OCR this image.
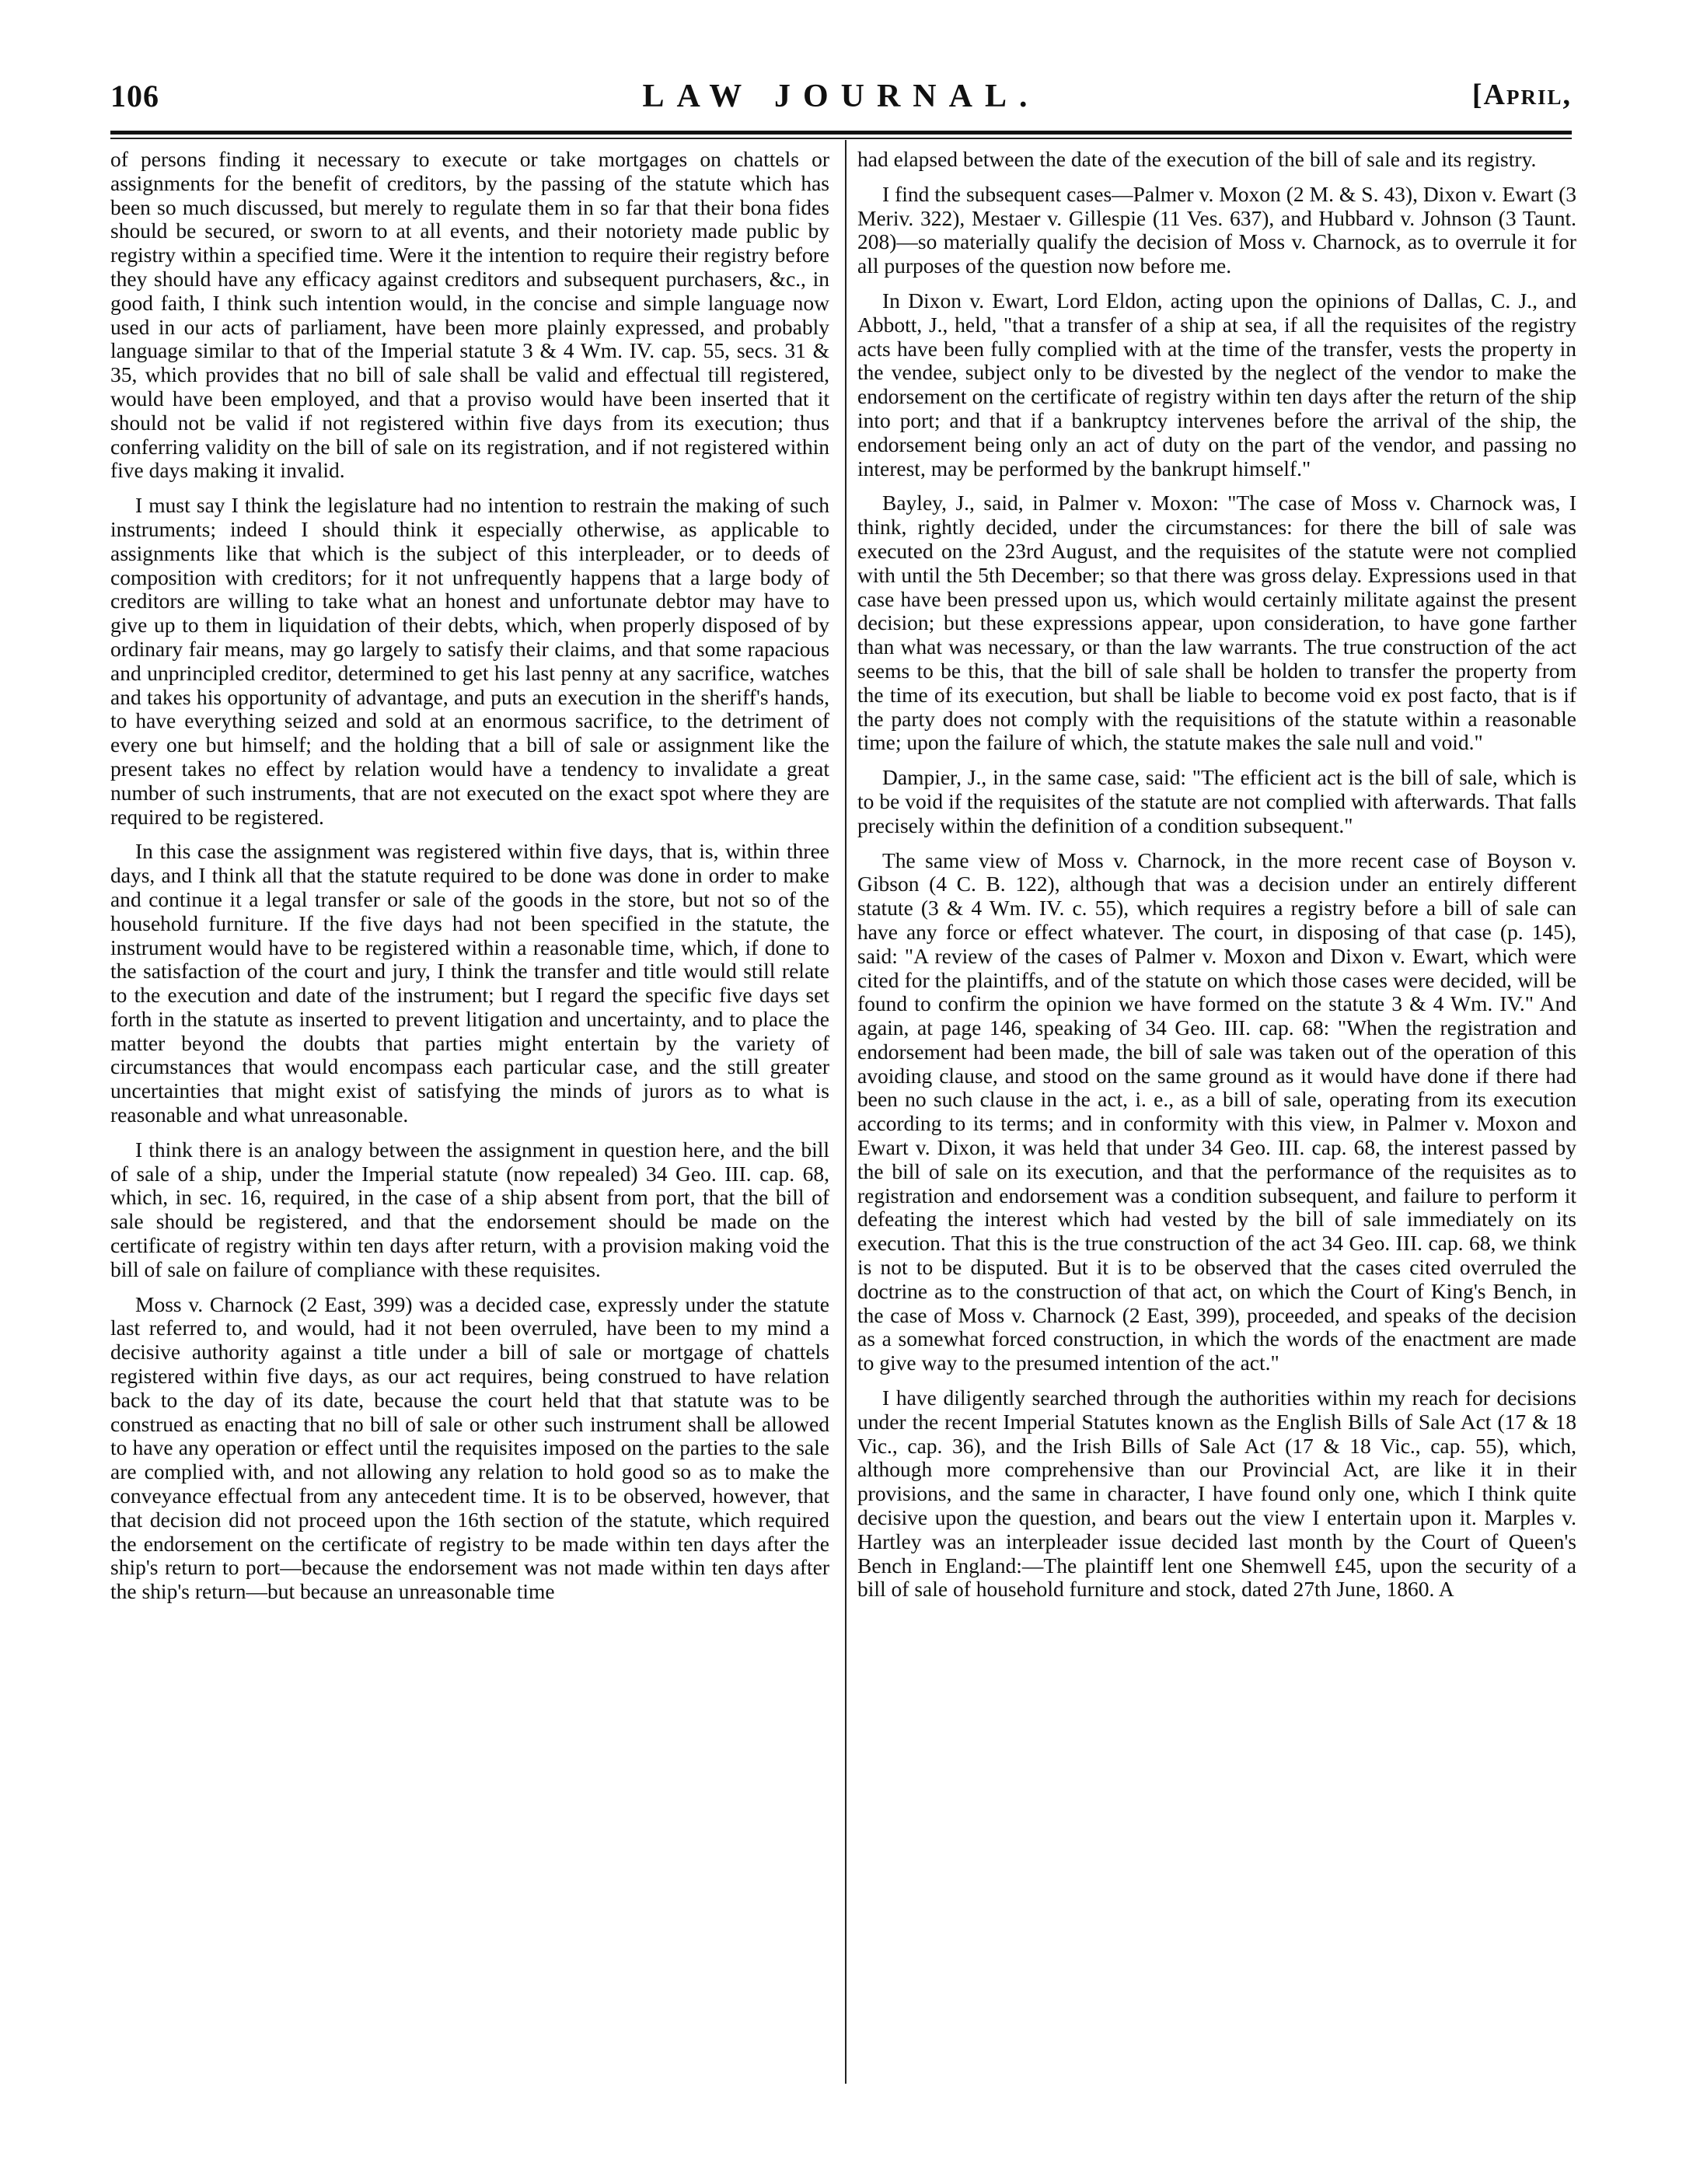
106	LAW JOURNAL.	[April,

of persons finding it necessary to execute or take mortgages on chattels or assignments for the benefit of creditors, by the passing of the statute which has been so much discussed, but merely to regulate them in so far that their bona fides should be secured, or sworn to at all events, and their notoriety made public by registry within a specified time. Were it the intention to require their registry before they should have any efficacy against creditors and subsequent purchasers, &c., in good faith, I think such intention would, in the concise and simple language now used in our acts of parliament, have been more plainly expressed, and probably language similar to that of the Imperial statute 3 & 4 Wm. IV. cap. 55, secs. 31 & 35, which provides that no bill of sale shall be valid and effectual till registered, would have been employed, and that a proviso would have been inserted that it should not be valid if not registered within five days from its execution; thus conferring validity on the bill of sale on its registration, and if not registered within five days making it invalid.

I must say I think the legislature had no intention to restrain the making of such instruments; indeed I should think it especially otherwise, as applicable to assignments like that which is the subject of this interpleader, or to deeds of composition with creditors; for it not unfrequently happens that a large body of creditors are willing to take what an honest and unfortunate debtor may have to give up to them in liquidation of their debts, which, when properly disposed of by ordinary fair means, may go largely to satisfy their claims, and that some rapacious and unprincipled creditor, determined to get his last penny at any sacrifice, watches and takes his opportunity of advantage, and puts an execution in the sheriff's hands, to have everything seized and sold at an enormous sacrifice, to the detriment of every one but himself; and the holding that a bill of sale or assignment like the present takes no effect by relation would have a tendency to invalidate a great number of such instruments, that are not executed on the exact spot where they are required to be registered.

In this case the assignment was registered within five days, that is, within three days, and I think all that the statute required to be done was done in order to make and continue it a legal transfer or sale of the goods in the store, but not so of the household furniture. If the five days had not been specified in the statute, the instrument would have to be registered within a reasonable time, which, if done to the satisfaction of the court and jury, I think the transfer and title would still relate to the execution and date of the instrument; but I regard the specific five days set forth in the statute as inserted to prevent litigation and uncertainty, and to place the matter beyond the doubts that parties might entertain by the variety of circumstances that would encompass each particular case, and the still greater uncertainties that might exist of satisfying the minds of jurors as to what is reasonable and what unreasonable.

I think there is an analogy between the assignment in question here, and the bill of sale of a ship, under the Imperial statute (now repealed) 34 Geo. III. cap. 68, which, in sec. 16, required, in the case of a ship absent from port, that the bill of sale should be registered, and that the endorsement should be made on the certificate of registry within ten days after return, with a provision making void the bill of sale on failure of compliance with these requisites.

Moss v. Charnock (2 East, 399) was a decided case, expressly under the statute last referred to, and would, had it not been overruled, have been to my mind a decisive authority against a title under a bill of sale or mortgage of chattels registered within five days, as our act requires, being construed to have relation back to the day of its date, because the court held that that statute was to be construed as enacting that no bill of sale or other such instrument shall be allowed to have any operation or effect until the requisites imposed on the parties to the sale are complied with, and not allowing any relation to hold good so as to make the conveyance effectual from any antecedent time. It is to be observed, however, that that decision did not proceed upon the 16th section of the statute, which required the endorsement on the certificate of registry to be made within ten days after the ship's return to port—because the endorsement was not made within ten days after the ship's return—but because an unreasonable time

had elapsed between the date of the execution of the bill of sale and its registry.

I find the subsequent cases—Palmer v. Moxon (2 M. & S. 43), Dixon v. Ewart (3 Meriv. 322), Mestaer v. Gillespie (11 Ves. 637), and Hubbard v. Johnson (3 Taunt. 208)—so materially qualify the decision of Moss v. Charnock, as to overrule it for all purposes of the question now before me.

In Dixon v. Ewart, Lord Eldon, acting upon the opinions of Dallas, C. J., and Abbott, J., held, "that a transfer of a ship at sea, if all the requisites of the registry acts have been fully complied with at the time of the transfer, vests the property in the vendee, subject only to be divested by the neglect of the vendor to make the endorsement on the certificate of registry within ten days after the return of the ship into port; and that if a bankruptcy intervenes before the arrival of the ship, the endorsement being only an act of duty on the part of the vendor, and passing no interest, may be performed by the bankrupt himself."

Bayley, J., said, in Palmer v. Moxon: "The case of Moss v. Charnock was, I think, rightly decided, under the circumstances: for there the bill of sale was executed on the 23rd August, and the requisites of the statute were not complied with until the 5th December; so that there was gross delay. Expressions used in that case have been pressed upon us, which would certainly militate against the present decision; but these expressions appear, upon consideration, to have gone farther than what was necessary, or than the law warrants. The true construction of the act seems to be this, that the bill of sale shall be holden to transfer the property from the time of its execution, but shall be liable to become void ex post facto, that is if the party does not comply with the requisitions of the statute within a reasonable time; upon the failure of which, the statute makes the sale null and void."

Dampier, J., in the same case, said: "The efficient act is the bill of sale, which is to be void if the requisites of the statute are not complied with afterwards. That falls precisely within the definition of a condition subsequent."

The same view of Moss v. Charnock, in the more recent case of Boyson v. Gibson (4 C. B. 122), although that was a decision under an entirely different statute (3 & 4 Wm. IV. c. 55), which requires a registry before a bill of sale can have any force or effect whatever. The court, in disposing of that case (p. 145), said: "A review of the cases of Palmer v. Moxon and Dixon v. Ewart, which were cited for the plaintiffs, and of the statute on which those cases were decided, will be found to confirm the opinion we have formed on the statute 3 & 4 Wm. IV." And again, at page 146, speaking of 34 Geo. III. cap. 68: "When the registration and endorsement had been made, the bill of sale was taken out of the operation of this avoiding clause, and stood on the same ground as it would have done if there had been no such clause in the act, i. e., as a bill of sale, operating from its execution according to its terms; and in conformity with this view, in Palmer v. Moxon and Ewart v. Dixon, it was held that under 34 Geo. III. cap. 68, the interest passed by the bill of sale on its execution, and that the performance of the requisites as to registration and endorsement was a condition subsequent, and failure to perform it defeating the interest which had vested by the bill of sale immediately on its execution. That this is the true construction of the act 34 Geo. III. cap. 68, we think is not to be disputed. But it is to be observed that the cases cited overruled the doctrine as to the construction of that act, on which the Court of King's Bench, in the case of Moss v. Charnock (2 East, 399), proceeded, and speaks of the decision as a somewhat forced construction, in which the words of the enactment are made to give way to the presumed intention of the act."

I have diligently searched through the authorities within my reach for decisions under the recent Imperial Statutes known as the English Bills of Sale Act (17 & 18 Vic., cap. 36), and the Irish Bills of Sale Act (17 & 18 Vic., cap. 55), which, although more comprehensive than our Provincial Act, are like it in their provisions, and the same in character, I have found only one, which I think quite decisive upon the question, and bears out the view I entertain upon it. Marples v. Hartley was an interpleader issue decided last month by the Court of Queen's Bench in England:—The plaintiff lent one Shemwell £45, upon the security of a bill of sale of household furniture and stock, dated 27th June, 1860. A
